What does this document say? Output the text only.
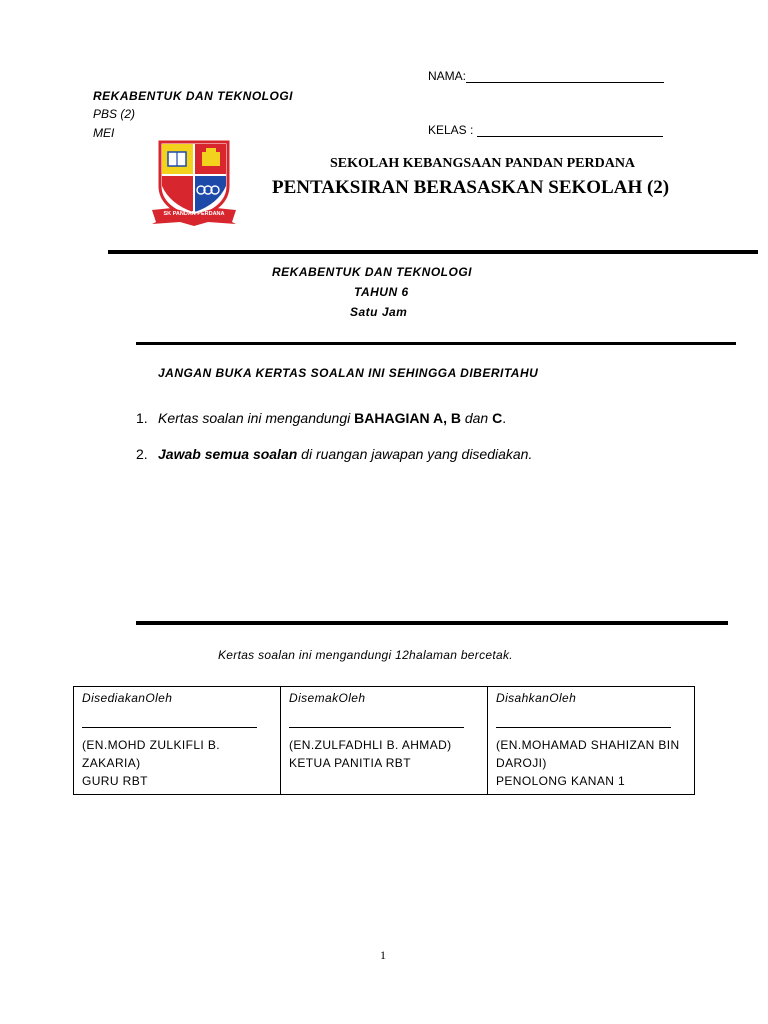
NAMA:
KELAS :
REKABENTUK DAN TEKNOLOGI
PBS (2)
MEI
SK PANDAN PERDANA
SEKOLAH KEBANGSAAN PANDAN PERDANA
PENTAKSIRAN BERASASKAN SEKOLAH (2)
REKABENTUK DAN TEKNOLOGI
TAHUN 6
Satu Jam
JANGAN BUKA KERTAS SOALAN INI SEHINGGA DIBERITAHU
1. Kertas soalan ini mengandungi BAHAGIAN A, B dan C.
2. Jawab semua soalan di ruangan jawapan yang disediakan.
Kertas soalan ini mengandungi 12halaman bercetak.
DisediakanOleh
(EN.MOHD ZULKIFLI B. ZAKARIA)
GURU RBT

DisemakOleh
(EN.ZULFADHLI B. AHMAD)
KETUA PANITIA RBT

DisahkanOleh
(EN.MOHAMAD SHAHIZAN BIN DAROJI)
PENOLONG KANAN 1
1
